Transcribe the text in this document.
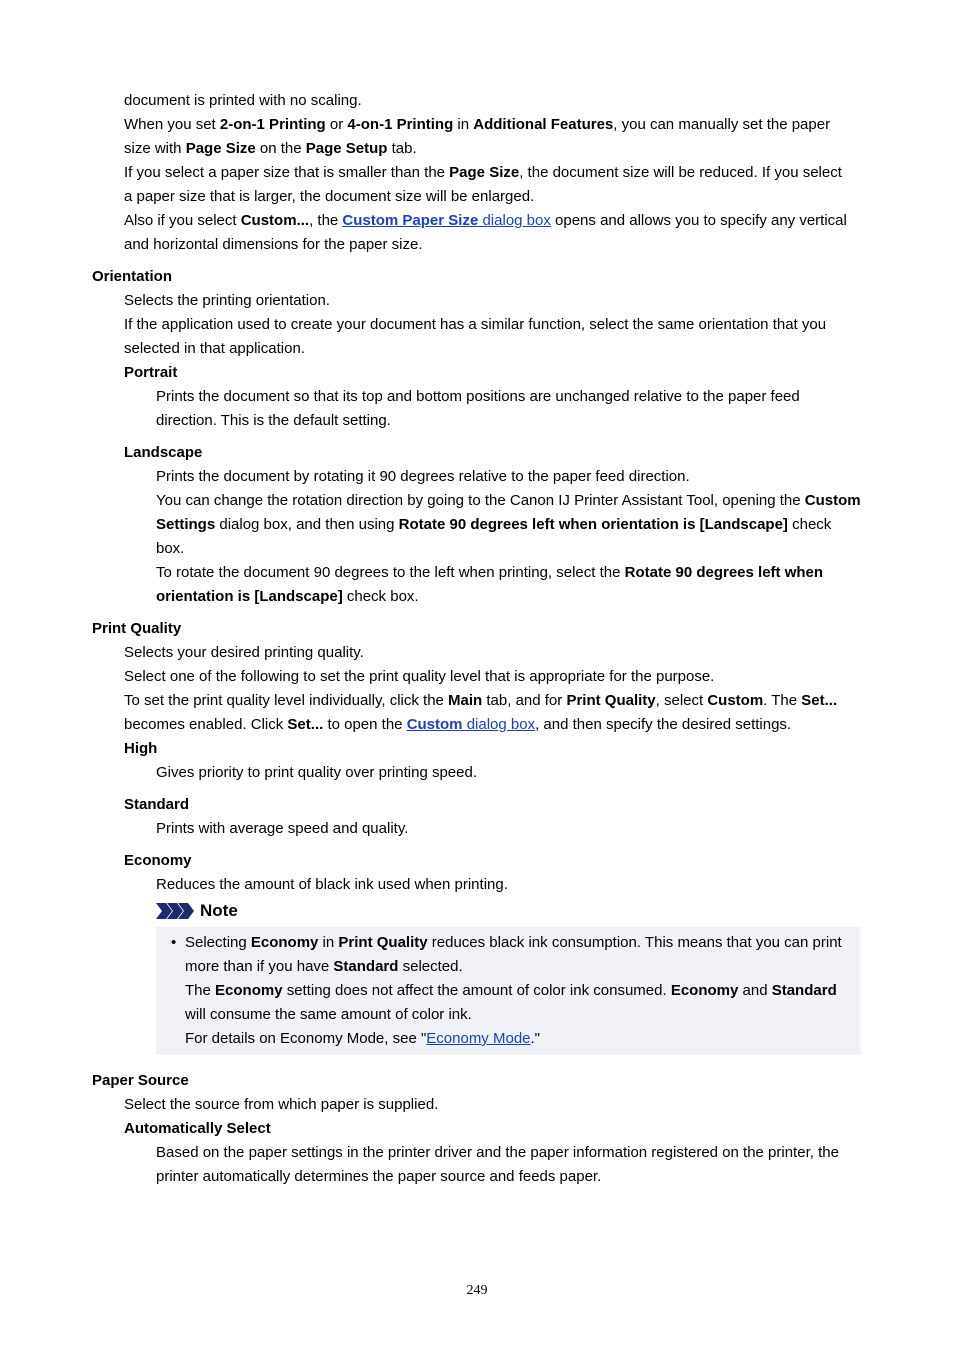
document is printed with no scaling.
When you set 2-on-1 Printing or 4-on-1 Printing in Additional Features, you can manually set the paper size with Page Size on the Page Setup tab.
If you select a paper size that is smaller than the Page Size, the document size will be reduced. If you select a paper size that is larger, the document size will be enlarged.
Also if you select Custom..., the Custom Paper Size dialog box opens and allows you to specify any vertical and horizontal dimensions for the paper size.
Orientation
Selects the printing orientation.
If the application used to create your document has a similar function, select the same orientation that you selected in that application.
Portrait
Prints the document so that its top and bottom positions are unchanged relative to the paper feed direction. This is the default setting.
Landscape
Prints the document by rotating it 90 degrees relative to the paper feed direction.
You can change the rotation direction by going to the Canon IJ Printer Assistant Tool, opening the Custom Settings dialog box, and then using Rotate 90 degrees left when orientation is [Landscape] check box.
To rotate the document 90 degrees to the left when printing, select the Rotate 90 degrees left when orientation is [Landscape] check box.
Print Quality
Selects your desired printing quality.
Select one of the following to set the print quality level that is appropriate for the purpose.
To set the print quality level individually, click the Main tab, and for Print Quality, select Custom. The Set... becomes enabled. Click Set... to open the Custom dialog box, and then specify the desired settings.
High
Gives priority to print quality over printing speed.
Standard
Prints with average speed and quality.
Economy
Reduces the amount of black ink used when printing.
Note
• Selecting Economy in Print Quality reduces black ink consumption. This means that you can print more than if you have Standard selected.
The Economy setting does not affect the amount of color ink consumed. Economy and Standard will consume the same amount of color ink.
For details on Economy Mode, see "Economy Mode."
Paper Source
Select the source from which paper is supplied.
Automatically Select
Based on the paper settings in the printer driver and the paper information registered on the printer, the printer automatically determines the paper source and feeds paper.
249
